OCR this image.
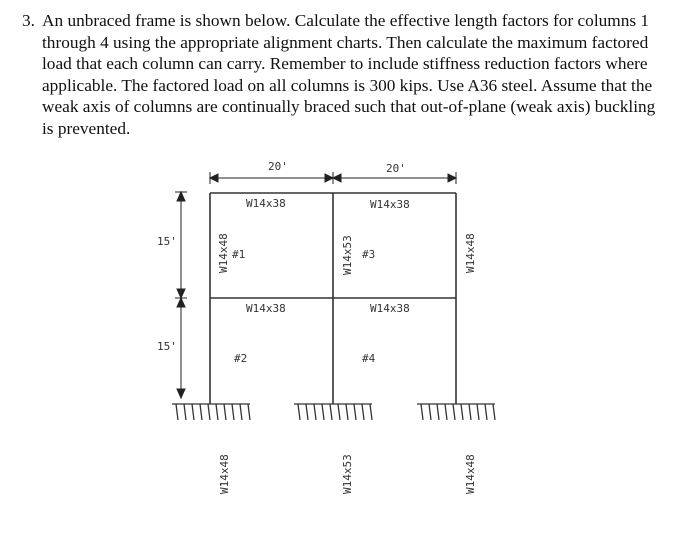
3. An unbraced frame is shown below. Calculate the effective length factors for columns 1
through 4 using the appropriate alignment charts. Then calculate the maximum factored
load that each column can carry. Remember to include stiffness reduction factors where
applicable. The factored load on all columns is 300 kips. Use A36 steel. Assume that the
weak axis of columns are continually braced such that out-of-plane (weak axis) buckling
is prevented.
20'	20'
15'
15'
W14x38	W14x38
W14x38	W14x38
W14x48	W14x53	W14x48
W14x48	W14x53	W14x48
#1
#2
#3
#4
